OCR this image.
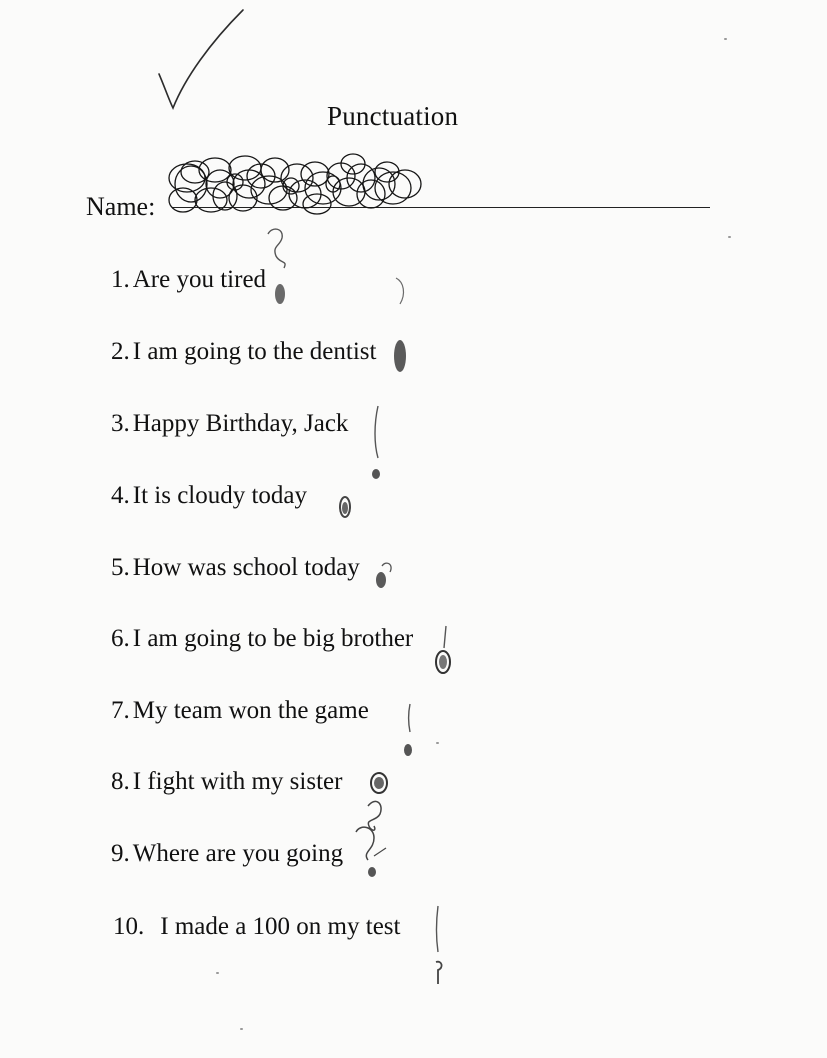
Punctuation
Name:
1. Are you tired
2. I am going to the dentist
3. Happy Birthday, Jack
4. It is cloudy today
5. How was school today
6. I am going to be big brother
7. My team won the game
8. I fight with my sister
9. Where are you going
10. I made a 100 on my test
